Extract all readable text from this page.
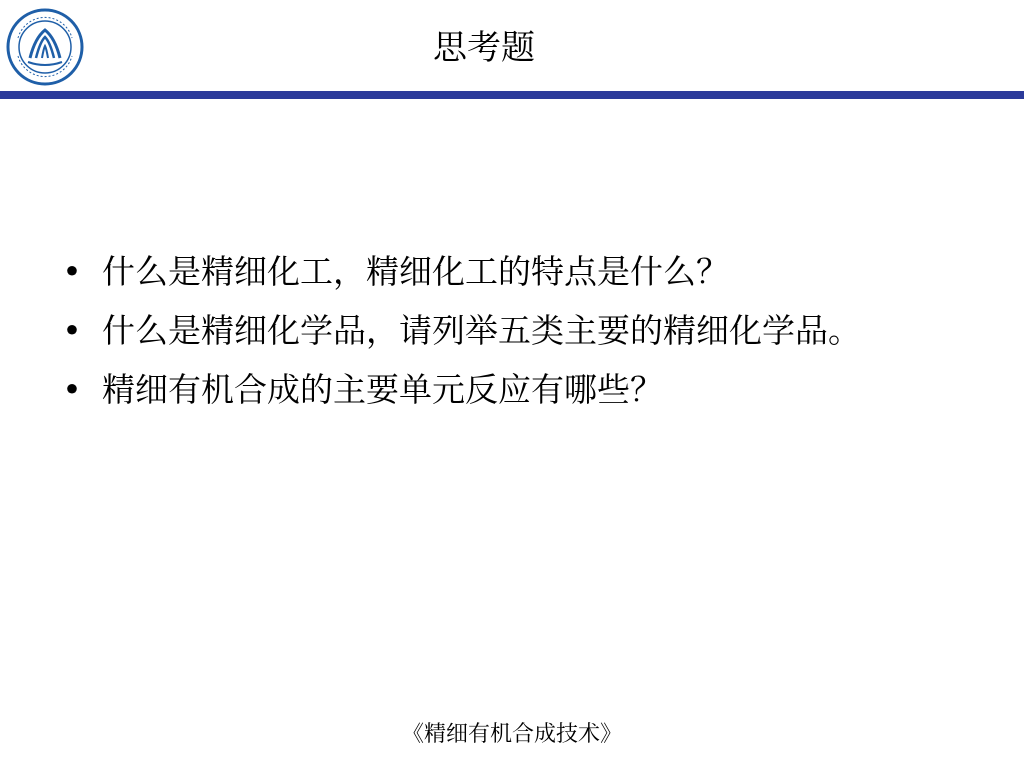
思考题
• 什么是精细化工，精细化工的特点是什么？
• 什么是精细化学品，请列举五类主要的精细化学品。
• 精细有机合成的主要单元反应有哪些？
《精细有机合成技术》
